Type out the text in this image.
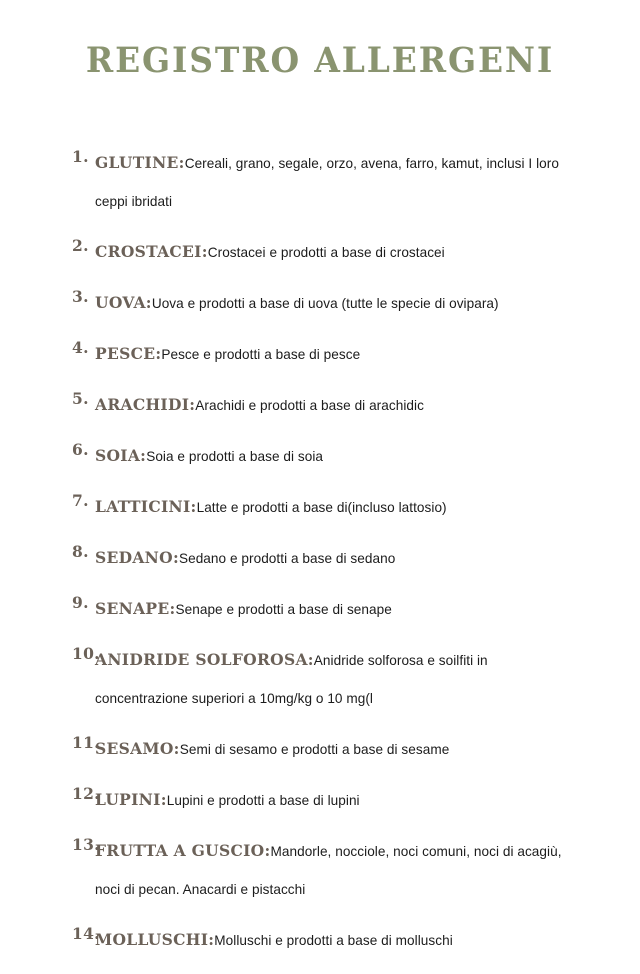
REGISTRO ALLERGENI
1. GLUTINE:Cereali, grano, segale, orzo, avena, farro, kamut, inclusi I loro ceppi ibridati
2. CROSTACEI:Crostacei e prodotti a base di crostacei
3. UOVA:Uova e prodotti a base di uova (tutte le specie di ovipara)
4. PESCE:Pesce e prodotti a base di pesce
5. ARACHIDI:Arachidi e prodotti a base di arachidic
6. SOIA:Soia e prodotti a base di soia
7. LATTICINI:Latte e prodotti a base di(incluso lattosio)
8. SEDANO:Sedano e prodotti a base di sedano
9. SENAPE:Senape e prodotti a base di senape
10.
ANIDRIDE SOLFOROSA:Anidride solforosa e soilfiti in concentrazione superiori a 10mg/kg o 10 mg(l
11.
SESAMO:Semi di sesamo e prodotti a base di sesame
12.
LUPINI:Lupini e prodotti a base di lupini
13.
FRUTTA A GUSCIO:Mandorle, nocciole, noci comuni, noci di acagiù, noci di pecan. Anacardi e pistacchi
14.
MOLLUSCHI:Molluschi e prodotti a base di molluschi
